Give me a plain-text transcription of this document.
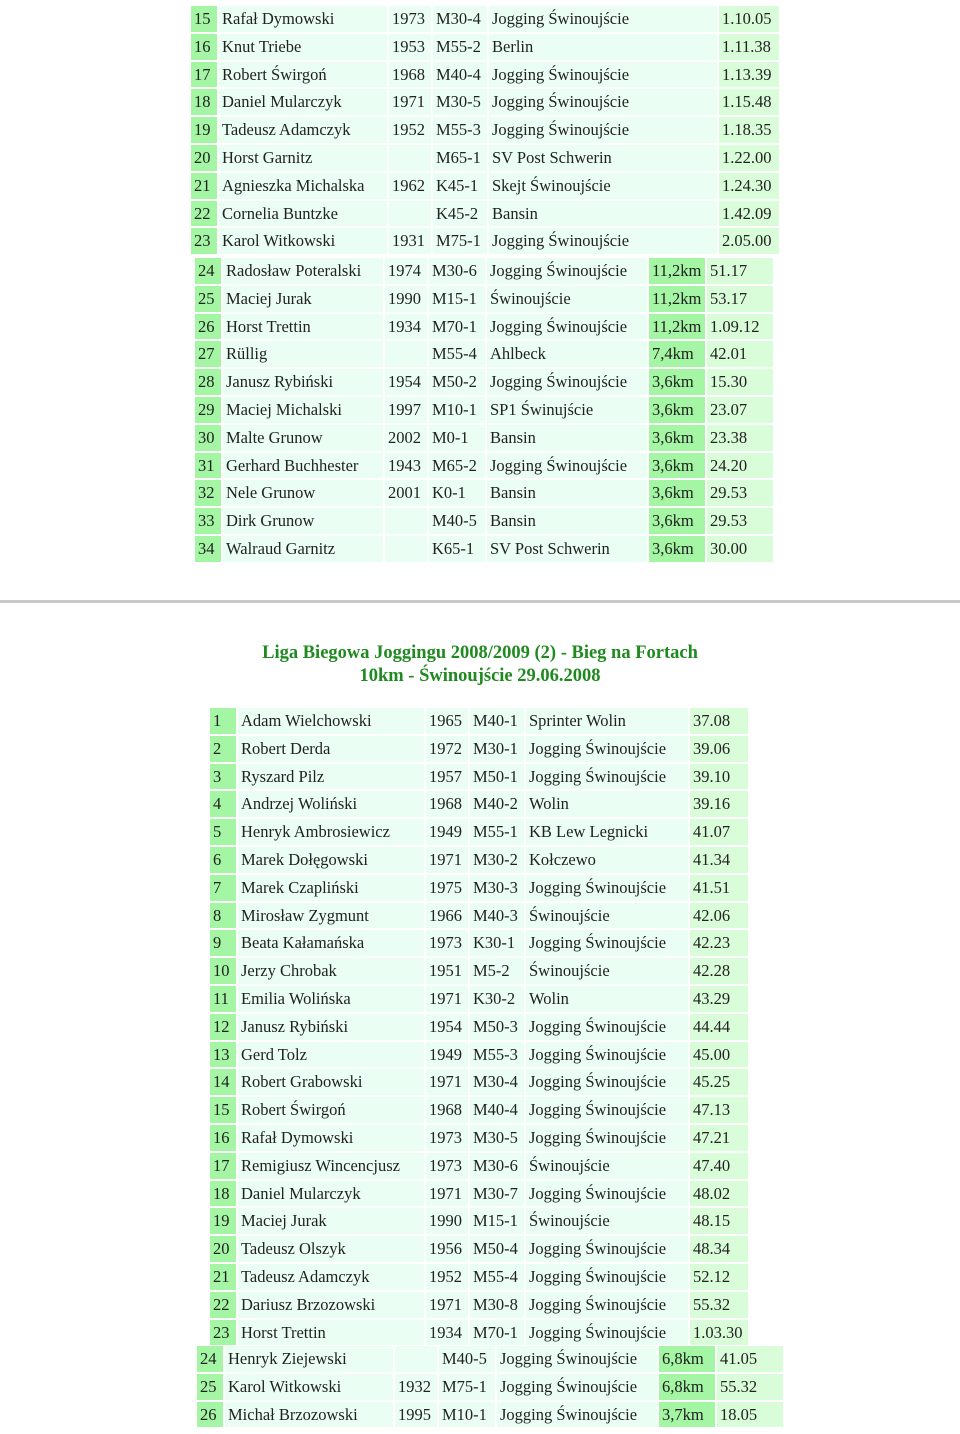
15	Rafał Dymowski	1973	M30-4	Jogging Świnoujście	1.10.05
16	Knut Triebe	1953	M55-2	Berlin	1.11.38
17	Robert Świrgoń	1968	M40-4	Jogging Świnoujście	1.13.39
18	Daniel Mularczyk	1971	M30-5	Jogging Świnoujście	1.15.48
19	Tadeusz Adamczyk	1952	M55-3	Jogging Świnoujście	1.18.35
20	Horst Garnitz		M65-1	SV Post Schwerin	1.22.00
21	Agnieszka Michalska	1962	K45-1	Skejt Świnoujście	1.24.30
22	Cornelia Buntzke		K45-2	Bansin	1.42.09
23	Karol Witkowski	1931	M75-1	Jogging Świnoujście	2.05.00
24	Radosław Poteralski	1974	M30-6	Jogging Świnoujście	11,2km	51.17
25	Maciej Jurak	1990	M15-1	Świnoujście	11,2km	53.17
26	Horst Trettin	1934	M70-1	Jogging Świnoujście	11,2km	1.09.12
27	Rüllig		M55-4	Ahlbeck	7,4km	42.01
28	Janusz Rybiński	1954	M50-2	Jogging Świnoujście	3,6km	15.30
29	Maciej Michalski	1997	M10-1	SP1 Świnujście	3,6km	23.07
30	Malte Grunow	2002	M0-1	Bansin	3,6km	23.38
31	Gerhard Buchhester	1943	M65-2	Jogging Świnoujście	3,6km	24.20
32	Nele Grunow	2001	K0-1	Bansin	3,6km	29.53
33	Dirk Grunow		M40-5	Bansin	3,6km	29.53
34	Walraud Garnitz		K65-1	SV Post Schwerin	3,6km	30.00
Liga Biegowa Joggingu 2008/2009 (2) - Bieg na Fortach
10km - Świnoujście 29.06.2008
1	Adam Wielchowski	1965	M40-1	Sprinter Wolin	37.08
2	Robert Derda	1972	M30-1	Jogging Świnoujście	39.06
3	Ryszard Pilz	1957	M50-1	Jogging Świnoujście	39.10
4	Andrzej Woliński	1968	M40-2	Wolin	39.16
5	Henryk Ambrosiewicz	1949	M55-1	KB Lew Legnicki	41.07
6	Marek Dołęgowski	1971	M30-2	Kołczewo	41.34
7	Marek Czapliński	1975	M30-3	Jogging Świnoujście	41.51
8	Mirosław Zygmunt	1966	M40-3	Świnoujście	42.06
9	Beata Kałamańska	1973	K30-1	Jogging Świnoujście	42.23
10	Jerzy Chrobak	1951	M5-2	Świnoujście	42.28
11	Emilia Wolińska	1971	K30-2	Wolin	43.29
12	Janusz Rybiński	1954	M50-3	Jogging Świnoujście	44.44
13	Gerd Tolz	1949	M55-3	Jogging Świnoujście	45.00
14	Robert Grabowski	1971	M30-4	Jogging Świnoujście	45.25
15	Robert Świrgoń	1968	M40-4	Jogging Świnoujście	47.13
16	Rafał Dymowski	1973	M30-5	Jogging Świnoujście	47.21
17	Remigiusz Wincencjusz	1973	M30-6	Świnoujście	47.40
18	Daniel Mularczyk	1971	M30-7	Jogging Świnoujście	48.02
19	Maciej Jurak	1990	M15-1	Świnoujście	48.15
20	Tadeusz Olszyk	1956	M50-4	Jogging Świnoujście	48.34
21	Tadeusz Adamczyk	1952	M55-4	Jogging Świnoujście	52.12
22	Dariusz Brzozowski	1971	M30-8	Jogging Świnoujście	55.32
23	Horst Trettin	1934	M70-1	Jogging Świnoujście	1.03.30
24	Henryk Ziejewski		M40-5	Jogging Świnoujście	6,8km	41.05
25	Karol Witkowski	1932	M75-1	Jogging Świnoujście	6,8km	55.32
26	Michał Brzozowski	1995	M10-1	Jogging Świnoujście	3,7km	18.05
